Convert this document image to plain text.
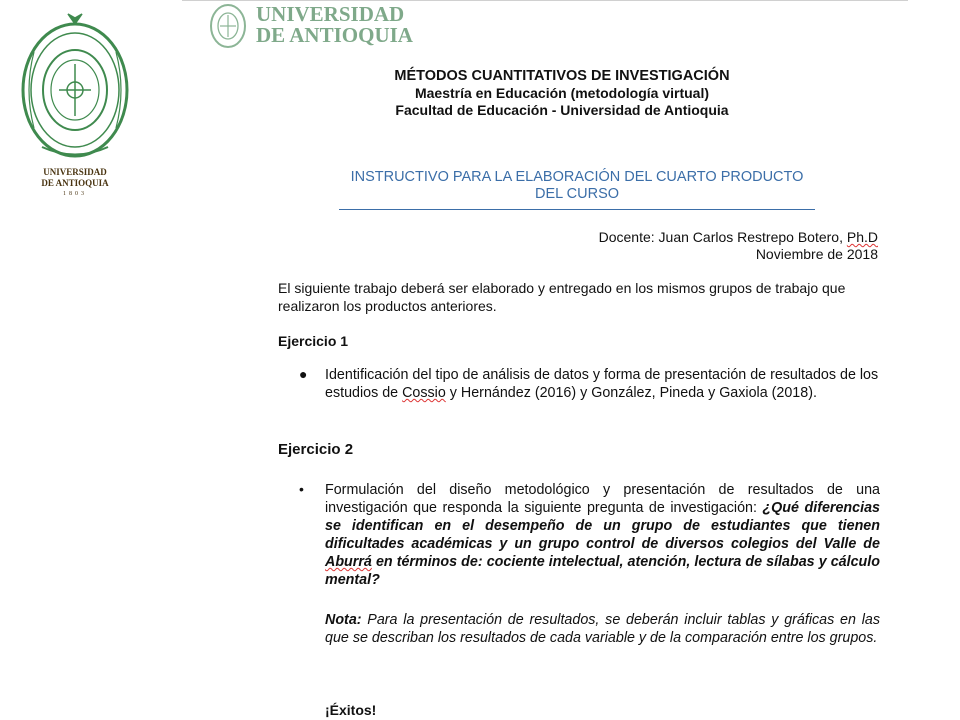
UNIVERSIDAD
DE ANTIOQUIA
1803
UNIVERSIDAD
DE ANTIOQUIA
MÉTODOS CUANTITATIVOS DE INVESTIGACIÓN
Maestría en Educación (metodología virtual)
Facultad de Educación - Universidad de Antioquia
INSTRUCTIVO PARA LA ELABORACIÓN DEL CUARTO PRODUCTO
DEL CURSO
Docente: Juan Carlos Restrepo Botero, Ph.D
Noviembre de 2018
El siguiente trabajo deberá ser elaborado y entregado en los mismos grupos de trabajo que realizaron los productos anteriores.
Ejercicio 1
● Identificación del tipo de análisis de datos y forma de presentación de resultados de los estudios de Cossio y Hernández (2016) y González, Pineda y Gaxiola (2018).
Ejercicio 2
• Formulación del diseño metodológico y presentación de resultados de una investigación que responda la siguiente pregunta de investigación: ¿Qué diferencias se identifican en el desempeño de un grupo de estudiantes que tienen dificultades académicas y un grupo control de diversos colegios del Valle de Aburrá en términos de: cociente intelectual, atención, lectura de sílabas y cálculo mental?
Nota: Para la presentación de resultados, se deberán incluir tablas y gráficas en las que se describan los resultados de cada variable y de la comparación entre los grupos.
¡Éxitos!
